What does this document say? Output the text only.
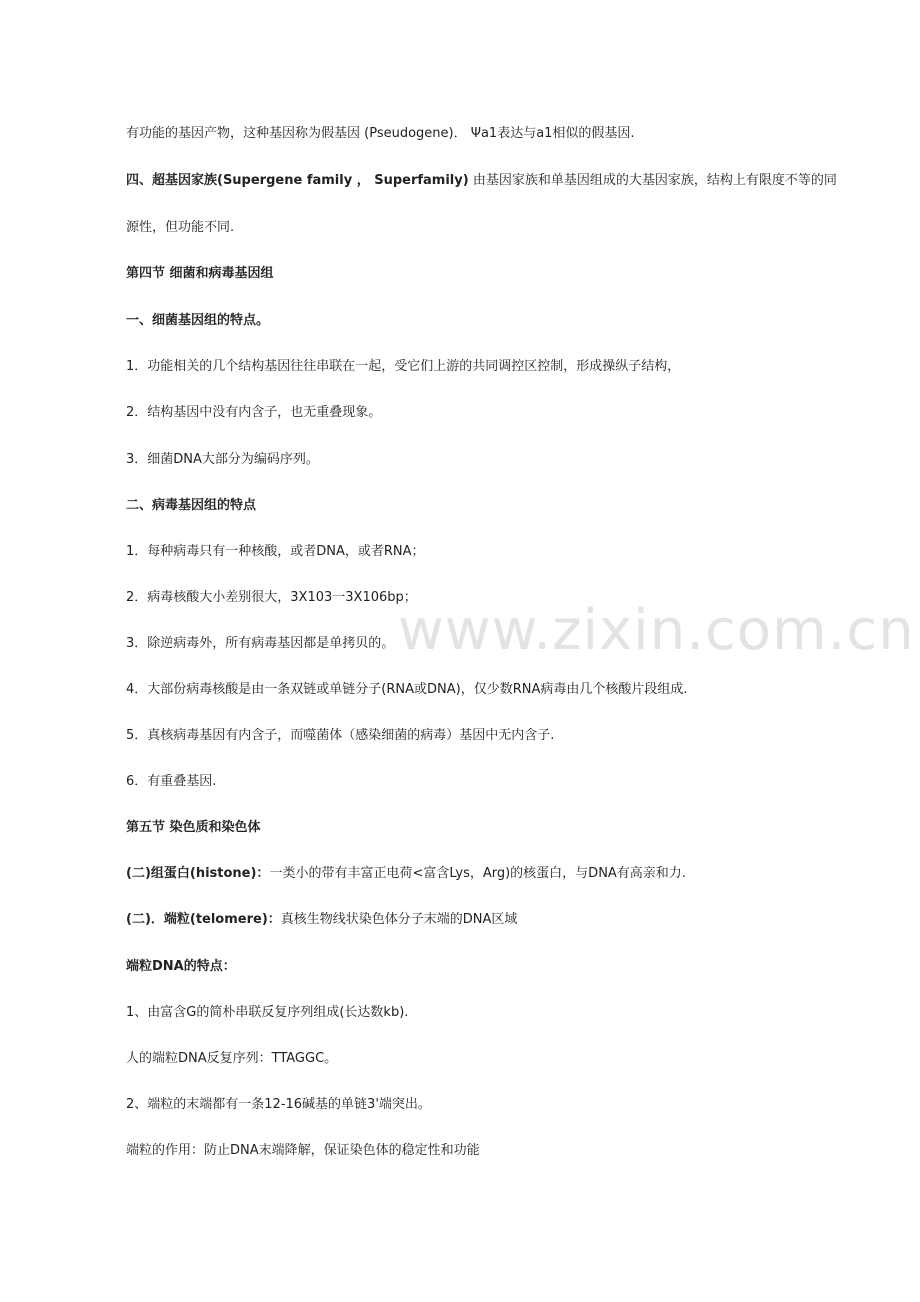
www.zixin.com.cn
有功能的基因产物，这种基因称为假基因 (Pseudogene)． Ψa1表达与a1相似的假基因.
四、超基因家族(Supergene family ， Superfamily) 由基因家族和单基因组成的大基因家族，结构上有限度不等的同
源性，但功能不同.
第四节 细菌和病毒基因组
一、细菌基因组的特点。
1．功能相关的几个结构基因往往串联在一起，受它们上游的共同调控区控制，形成操纵子结构，
2．结构基因中没有内含子，也无重叠现象。
3．细菌DNA大部分为编码序列。
二、病毒基因组的特点
1．每种病毒只有一种核酸，或者DNA，或者RNA；
2．病毒核酸大小差别很大，3X103一3X106bp；
3．除逆病毒外，所有病毒基因都是单拷贝的。
4．大部份病毒核酸是由一条双链或单链分子(RNA或DNA)，仅少数RNA病毒由几个核酸片段组成.
5．真核病毒基因有内含子，而噬菌体（感染细菌的病毒）基因中无内含子.
6．有重叠基因.
第五节 染色质和染色体
(二)组蛋白(histone)：一类小的带有丰富正电荷<富含Lys，Arg)的核蛋白，与DNA有高亲和力.
(二)．端粒(telomere)：真核生物线状染色体分子末端的DNA区域
端粒DNA的特点：
1、由富含G的简朴串联反复序列组成(长达数kb).
人的端粒DNA反复序列：TTAGGC。
2、端粒的末端都有一条12-16碱基的单链3'端突出。
端粒的作用：防止DNA末端降解，保证染色体的稳定性和功能
